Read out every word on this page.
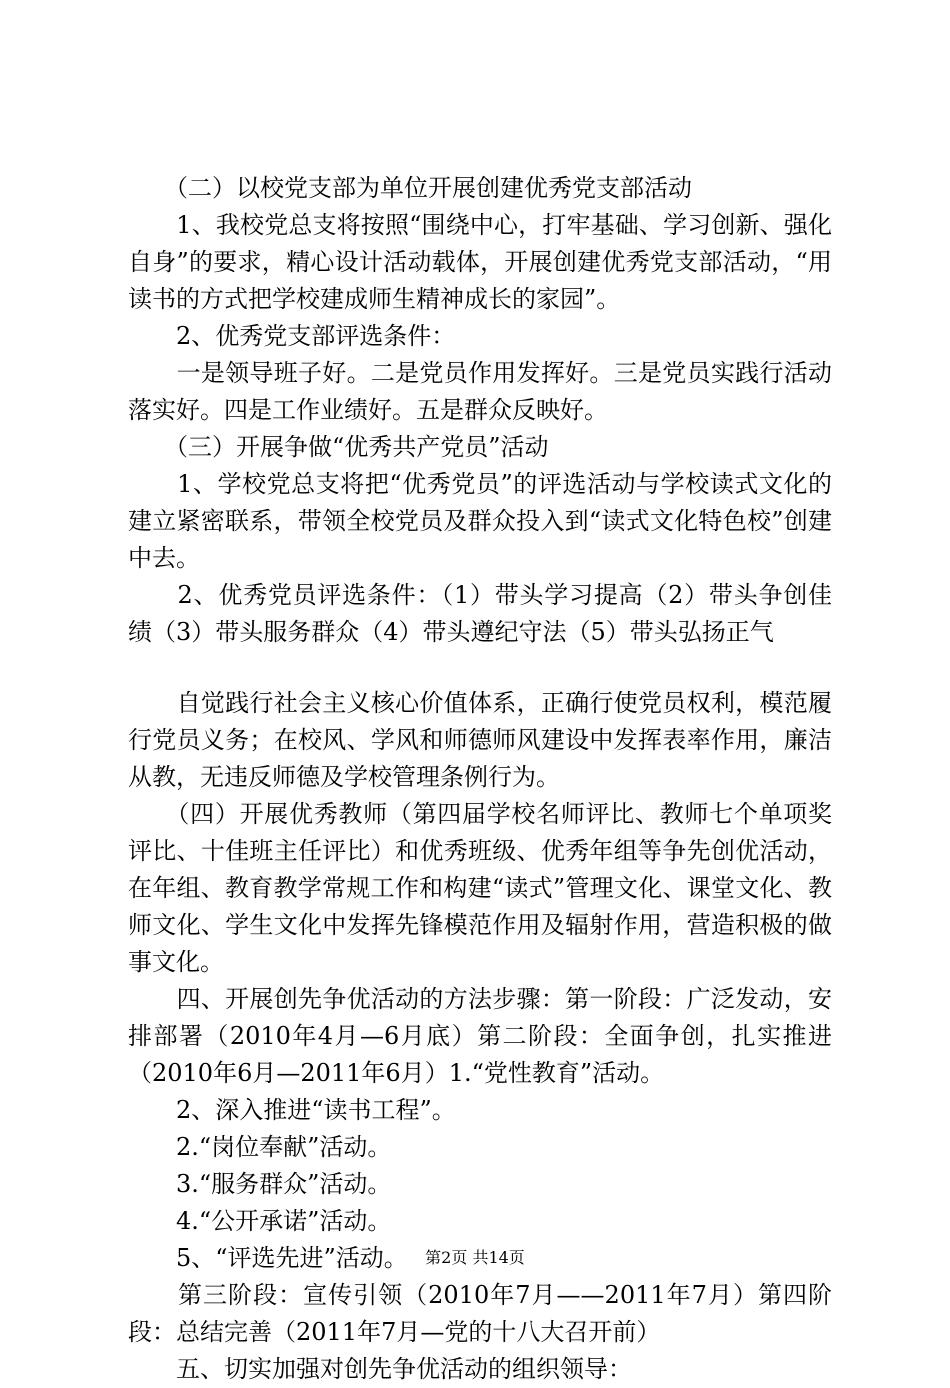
　　（二）以校党支部为单位开展创建优秀党支部活动

　　1、我校党总支将按照“围绕中心，打牢基础、学习创新、强化自身”的要求，精心设计活动载体，开展创建优秀党支部活动，“用读书的方式把学校建成师生精神成长的家园”。

　　2、优秀党支部评选条件：

　　一是领导班子好。二是党员作用发挥好。三是党员实践行活动落实好。四是工作业绩好。五是群众反映好。

　　（三）开展争做“优秀共产党员”活动

　　1、学校党总支将把“优秀党员”的评选活动与学校读式文化的建立紧密联系，带领全校党员及群众投入到“读式文化特色校”创建中去。

　　2、优秀党员评选条件：（1）带头学习提高（2）带头争创佳绩（3）带头服务群众（4）带头遵纪守法（5）带头弘扬正气

　　自觉践行社会主义核心价值体系，正确行使党员权利，模范履行党员义务；在校风、学风和师德师风建设中发挥表率作用，廉洁从教，无违反师德及学校管理条例行为。

　　（四）开展优秀教师（第四届学校名师评比、教师七个单项奖评比、十佳班主任评比）和优秀班级、优秀年组等争先创优活动，在年组、教育教学常规工作和构建“读式”管理文化、课堂文化、教师文化、学生文化中发挥先锋模范作用及辐射作用，营造积极的做事文化。

　　四、开展创先争优活动的方法步骤：第一阶段：广泛发动，安排部署（2010年4月—6月底）第二阶段：全面争创，扎实推进（2010年6月—2011年6月）1.“党性教育”活动。

　　2、深入推进“读书工程”。

　　2.“岗位奉献”活动。

　　3.“服务群众”活动。

　　4.“公开承诺”活动。

　　5、“评选先进”活动。

　　第三阶段：宣传引领（2010年7月——2011年7月）第四阶段：总结完善（2011年7月—党的十八大召开前）

　　五、切实加强对创先争优活动的组织领导：

第2页 共14页
